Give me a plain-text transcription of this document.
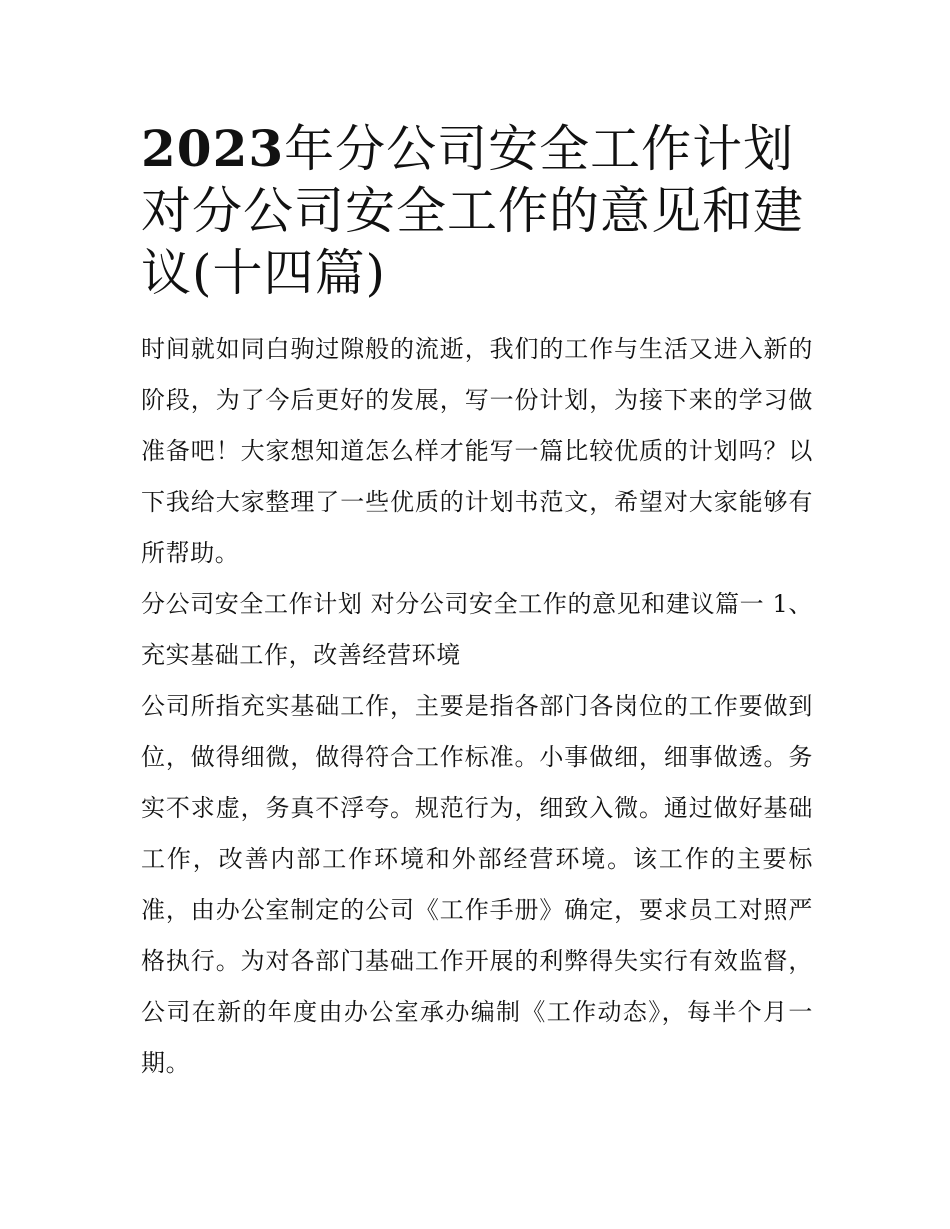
2023年分公司安全工作计划
对分公司安全工作的意见和建
议(十四篇)

时间就如同白驹过隙般的流逝，我们的工作与生活又进入新的阶段，为了今后更好的发展，写一份计划，为接下来的学习做准备吧！大家想知道怎么样才能写一篇比较优质的计划吗？以下我给大家整理了一些优质的计划书范文，希望对大家能够有所帮助。

分公司安全工作计划 对分公司安全工作的意见和建议篇一 1、充实基础工作，改善经营环境

公司所指充实基础工作，主要是指各部门各岗位的工作要做到位，做得细微，做得符合工作标准。小事做细，细事做透。务实不求虚，务真不浮夸。规范行为，细致入微。通过做好基础工作，改善内部工作环境和外部经营环境。该工作的主要标准，由办公室制定的公司《工作手册》确定，要求员工对照严格执行。为对各部门基础工作开展的利弊得失实行有效监督，公司在新的年度由办公室承办编制《工作动态》，每半个月一期。
